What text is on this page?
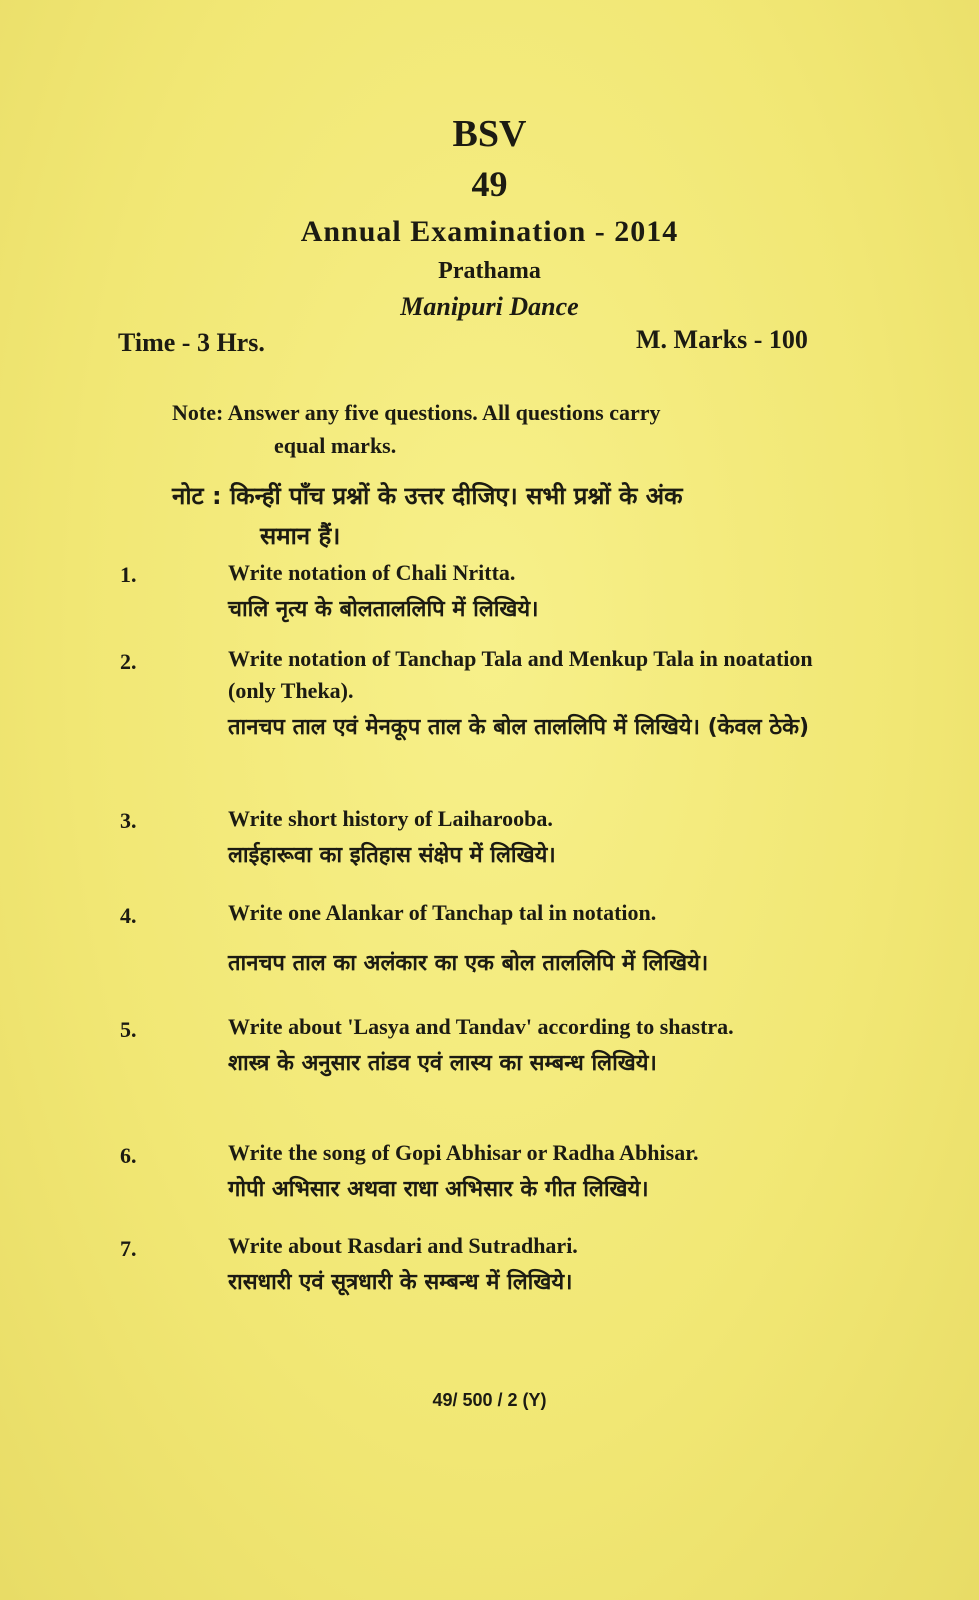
BSV
49
Annual Examination - 2014
Prathama
Manipuri Dance
Time - 3 Hrs.	M. Marks - 100
Note: Answer any five questions. All questions carry
equal marks.
नोट : किन्हीं पाँच प्रश्नों के उत्तर दीजिए। सभी प्रश्नों के अंक
समान हैं।
1.	Write notation of Chali Nritta.
चालि नृत्य के बोलताललिपि में लिखिये।
2.	Write notation of Tanchap Tala and Menkup Tala in noatation (only Theka).
तानचप ताल एवं मेनकूप ताल के बोल ताललिपि में लिखिये। (केवल ठेके)
3.	Write short history of Laiharooba.
लाईहारूवा का इतिहास संक्षेप में लिखिये।
4.	Write one Alankar of Tanchap tal in notation.
तानचप ताल का अलंकार का एक बोल ताललिपि में लिखिये।
5.	Write about 'Lasya and Tandav' according to shastra.
शास्त्र के अनुसार तांडव एवं लास्य का सम्बन्ध लिखिये।
6.	Write the song of Gopi Abhisar or Radha Abhisar.
गोपी अभिसार अथवा राधा अभिसार के गीत लिखिये।
7.	Write about Rasdari and Sutradhari.
रासधारी एवं सूत्रधारी के सम्बन्ध में लिखिये।
49/ 500 / 2 (Y)
